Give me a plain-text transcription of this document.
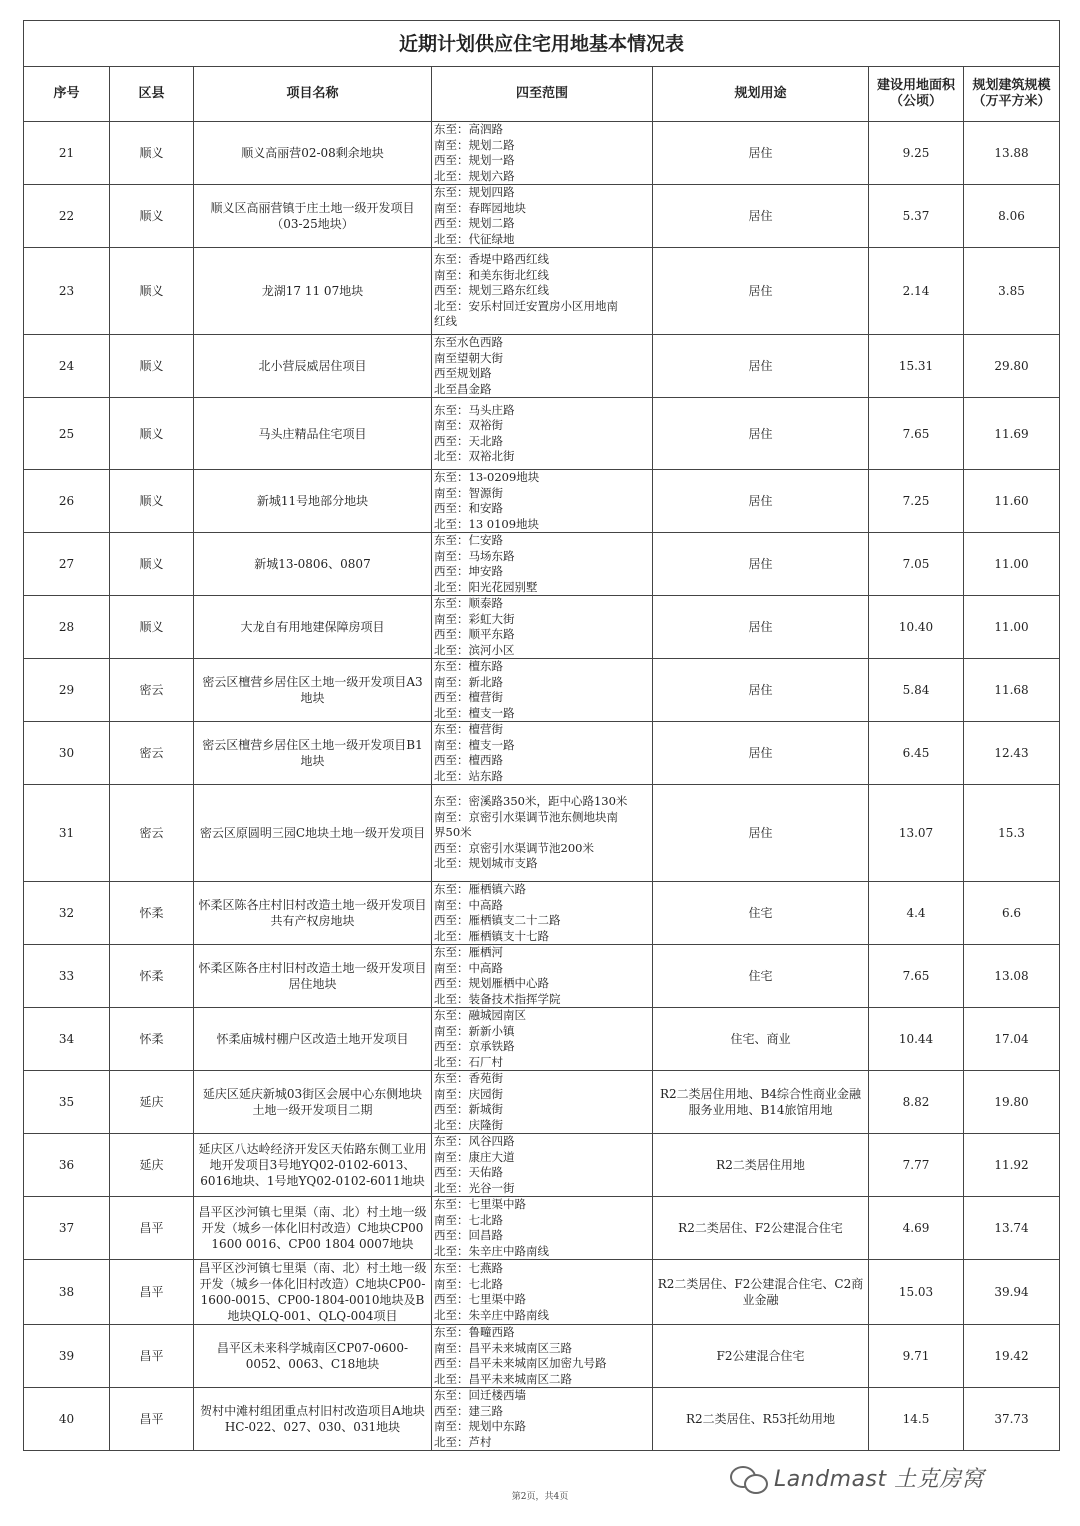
近期计划供应住宅用地基本情况表						
序号	区县	项目名称	四至范围	规划用途	建设用地面积
（公顷）	规划建筑规模
（万平方米）
21	顺义	顺义高丽营02-08剩余地块	东至：高泗路
南至：规划二路
西至：规划一路
北至：规划六路	居住	9.25	13.88
22	顺义	顺义区高丽营镇于庄土地一级开发项目（03-25地块）	东至：规划四路
南至：春晖园地块
西至：规划二路
北至：代征绿地	居住	5.37	8.06
23	顺义	龙湖17 11 07地块	东至：香堤中路西红线
南至：和美东街北红线
西至：规划三路东红线
北至：安乐村回迁安置房小区用地南
红线	居住	2.14	3.85
24	顺义	北小营辰威居住项目	东至水色西路
南至望朝大街
西至规划路
北至昌金路	居住	15.31	29.80
25	顺义	马头庄精品住宅项目	东至：马头庄路
南至：双裕街
西至：天北路
北至：双裕北街	居住	7.65	11.69
26	顺义	新城11号地部分地块	东至：13-0209地块
南至：智源街
西至：和安路
北至：13 0109地块	居住	7.25	11.60
27	顺义	新城13-0806、0807	东至：仁安路
南至：马场东路
西至：坤安路
北至：阳光花园别墅	居住	7.05	11.00
28	顺义	大龙自有用地建保障房项目	东至：顺泰路
南至：彩虹大街
西至：顺平东路
北至：滨河小区	居住	10.40	11.00
29	密云	密云区檀营乡居住区土地一级开发项目A3地块	东至：檀东路
南至：新北路
西至：檀营街
北至：檀支一路	居住	5.84	11.68
30	密云	密云区檀营乡居住区土地一级开发项目B1地块	东至：檀营街
南至：檀支一路
西至：檀西路
北至：站东路	居住	6.45	12.43
31	密云	密云区原圆明三园C地块土地一级开发项目	东至：密溪路350米，距中心路130米
南至：京密引水渠调节池东侧地块南
界50米
西至：京密引水渠调节池200米
北至：规划城市支路	居住	13.07	15.3
32	怀柔	怀柔区陈各庄村旧村改造土地一级开发项目共有产权房地块	东至：雁栖镇六路
南至：中高路
西至：雁栖镇支二十二路
北至：雁栖镇支十七路	住宅	4.4	6.6
33	怀柔	怀柔区陈各庄村旧村改造土地一级开发项目居住地块	东至：雁栖河
南至：中高路
西至：规划雁栖中心路
北至：装备技术指挥学院	住宅	7.65	13.08
34	怀柔	怀柔庙城村棚户区改造土地开发项目	东至：融城园南区
南至：新新小镇
西至：京承铁路
北至：石厂村	住宅、商业	10.44	17.04
35	延庆	延庆区延庆新城03街区会展中心东侧地块土地一级开发项目二期	东至：香苑街
南至：庆园街
西至：新城街
北至：庆隆街	R2二类居住用地、B4综合性商业金融服务业用地、B14旅馆用地	8.82	19.80
36	延庆	延庆区八达岭经济开发区天佑路东侧工业用地开发项目3号地YQ02-0102-6013、6016地块、1号地YQ02-0102-6011地块	东至：风谷四路
南至：康庄大道
西至：天佑路
北至：光谷一街	R2二类居住用地	7.77	11.92
37	昌平	昌平区沙河镇七里渠（南、北）村土地一级开发（城乡一体化旧村改造）C地块CP00 1600 0016、CP00 1804 0007地块	东至：七里渠中路
南至：七北路
西至：回昌路
北至：朱辛庄中路南线	R2二类居住、F2公建混合住宅	4.69	13.74
38	昌平	昌平区沙河镇七里渠（南、北）村土地一级开发（城乡一体化旧村改造）C地块CP00-1600-0015、CP00-1804-0010地块及B地块QLQ-001、QLQ-004项目	东至：七燕路
南至：七北路
西至：七里渠中路
北至：朱辛庄中路南线	R2二类居住、F2公建混合住宅、C2商业金融	15.03	39.94
39	昌平	昌平区未来科学城南区CP07-0600-0052、0063、C18地块	东至：鲁疃西路
南至：昌平未来城南区三路
西至：昌平未来城南区加密九号路
北至：昌平未来城南区二路	F2公建混合住宅	9.71	19.42
40	昌平	贺村中滩村组团重点村旧村改造项目A地块HC-022、027、030、031地块	东至：回迁楼西墙
西至：建三路
南至：规划中东路
北至：芦村	R2二类居住、R53托幼用地	14.5	37.73
Landmast 土克房窝
第2页，共4页
